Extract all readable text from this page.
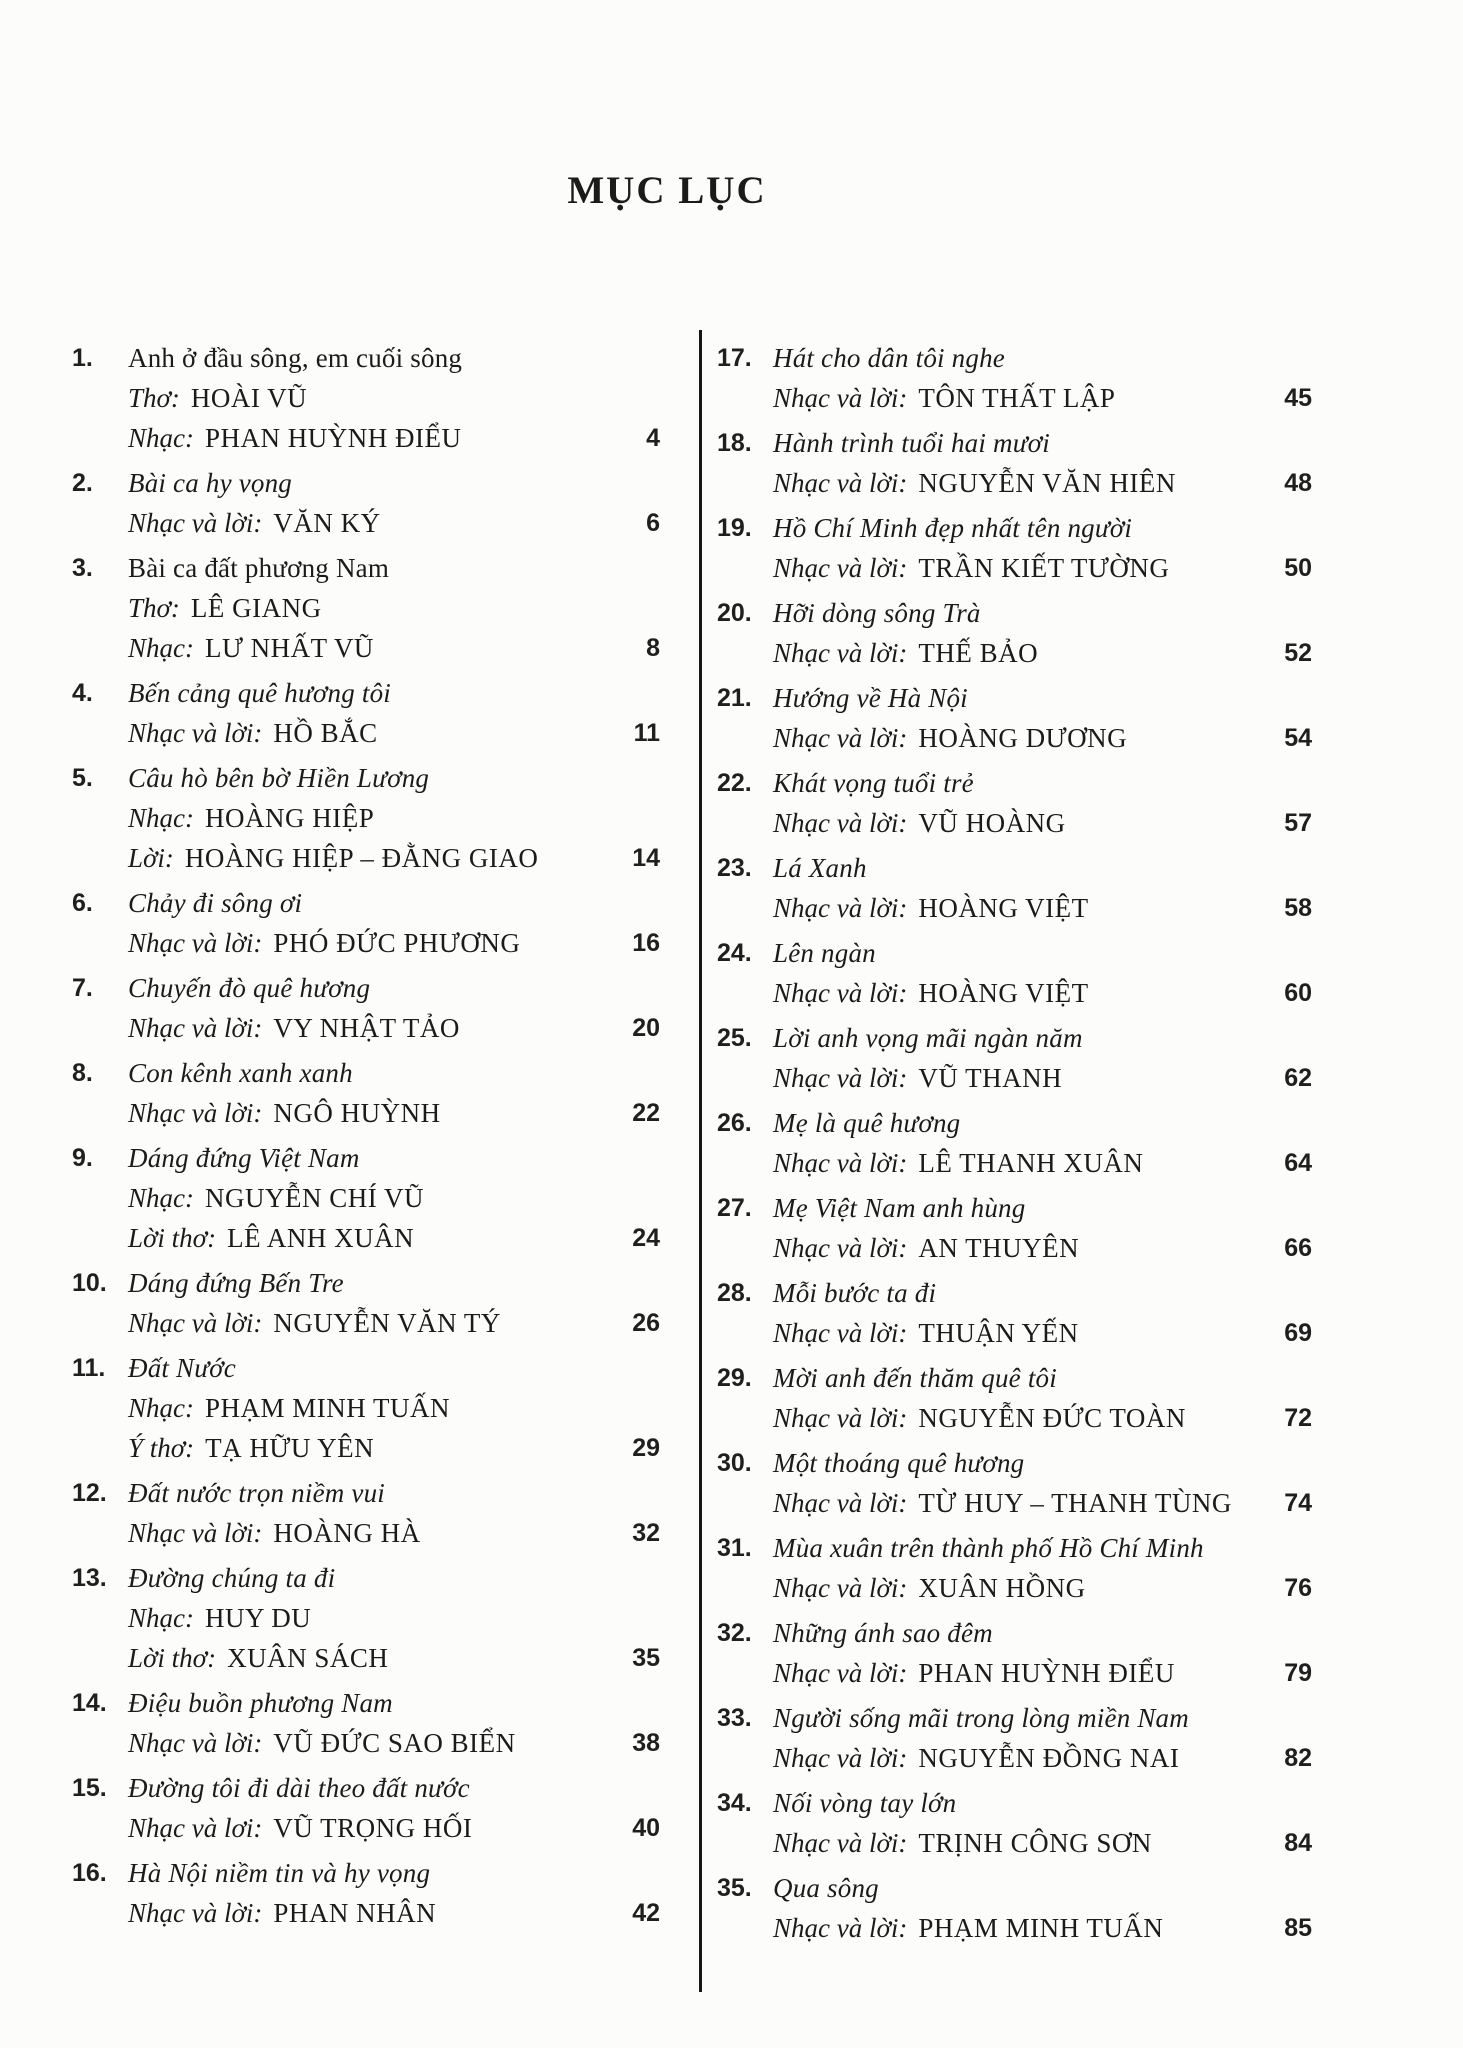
MỤC LỤC
1. Anh ở đầu sông, em cuối sông
Thơ: HOÀI VŨ
Nhạc: PHAN HUỲNH ĐIỂU	4
2. Bài ca hy vọng
Nhạc và lời: VĂN KÝ	6
3. Bài ca đất phương Nam
Thơ: LÊ GIANG
Nhạc: LƯ NHẤT VŨ	8
4. Bến cảng quê hương tôi
Nhạc và lời: HỒ BẮC	11
5. Câu hò bên bờ Hiền Lương
Nhạc: HOÀNG HIỆP
Lời: HOÀNG HIỆP – ĐẰNG GIAO	14
6. Chảy đi sông ơi
Nhạc và lời: PHÓ ĐỨC PHƯƠNG	16
7. Chuyến đò quê hương
Nhạc và lời: VY NHẬT TẢO	20
8. Con kênh xanh xanh
Nhạc và lời: NGÔ HUỲNH	22
9. Dáng đứng Việt Nam
Nhạc: NGUYỄN CHÍ VŨ
Lời thơ: LÊ ANH XUÂN	24
10. Dáng đứng Bến Tre
Nhạc và lời: NGUYỄN VĂN TÝ	26
11. Đất Nước
Nhạc: PHẠM MINH TUẤN
Ý thơ: TẠ HỮU YÊN	29
12. Đất nước trọn niềm vui
Nhạc và lời: HOÀNG HÀ	32
13. Đường chúng ta đi
Nhạc: HUY DU
Lời thơ: XUÂN SÁCH	35
14. Điệu buồn phương Nam
Nhạc và lời: VŨ ĐỨC SAO BIỂN	38
15. Đường tôi đi dài theo đất nước
Nhạc và lơi: VŨ TRỌNG HỐI	40
16. Hà Nội niềm tin và hy vọng
Nhạc và lời: PHAN NHÂN	42
17. Hát cho dân tôi nghe
Nhạc và lời: TÔN THẤT LẬP	45
18. Hành trình tuổi hai mươi
Nhạc và lời: NGUYỄN VĂN HIÊN	48
19. Hồ Chí Minh đẹp nhất tên người
Nhạc và lời: TRẦN KIẾT TƯỜNG	50
20. Hỡi dòng sông Trà
Nhạc và lời: THẾ BẢO	52
21. Hướng về Hà Nội
Nhạc và lời: HOÀNG DƯƠNG	54
22. Khát vọng tuổi trẻ
Nhạc và lời: VŨ HOÀNG	57
23. Lá Xanh
Nhạc và lời: HOÀNG VIỆT	58
24. Lên ngàn
Nhạc và lời: HOÀNG VIỆT	60
25. Lời anh vọng mãi ngàn năm
Nhạc và lời: VŨ THANH	62
26. Mẹ là quê hương
Nhạc và lời: LÊ THANH XUÂN	64
27. Mẹ Việt Nam anh hùng
Nhạc và lời: AN THUYÊN	66
28. Mỗi bước ta đi
Nhạc và lời: THUẬN YẾN	69
29. Mời anh đến thăm quê tôi
Nhạc và lời: NGUYỄN ĐỨC TOÀN	72
30. Một thoáng quê hương
Nhạc và lời: TỪ HUY – THANH TÙNG	74
31. Mùa xuân trên thành phố Hồ Chí Minh
Nhạc và lời: XUÂN HỒNG	76
32. Những ánh sao đêm
Nhạc và lời: PHAN HUỲNH ĐIỂU	79
33. Người sống mãi trong lòng miền Nam
Nhạc và lời: NGUYỄN ĐỒNG NAI	82
34. Nối vòng tay lớn
Nhạc và lời: TRỊNH CÔNG SƠN	84
35. Qua sông
Nhạc và lời: PHẠM MINH TUẤN	85
